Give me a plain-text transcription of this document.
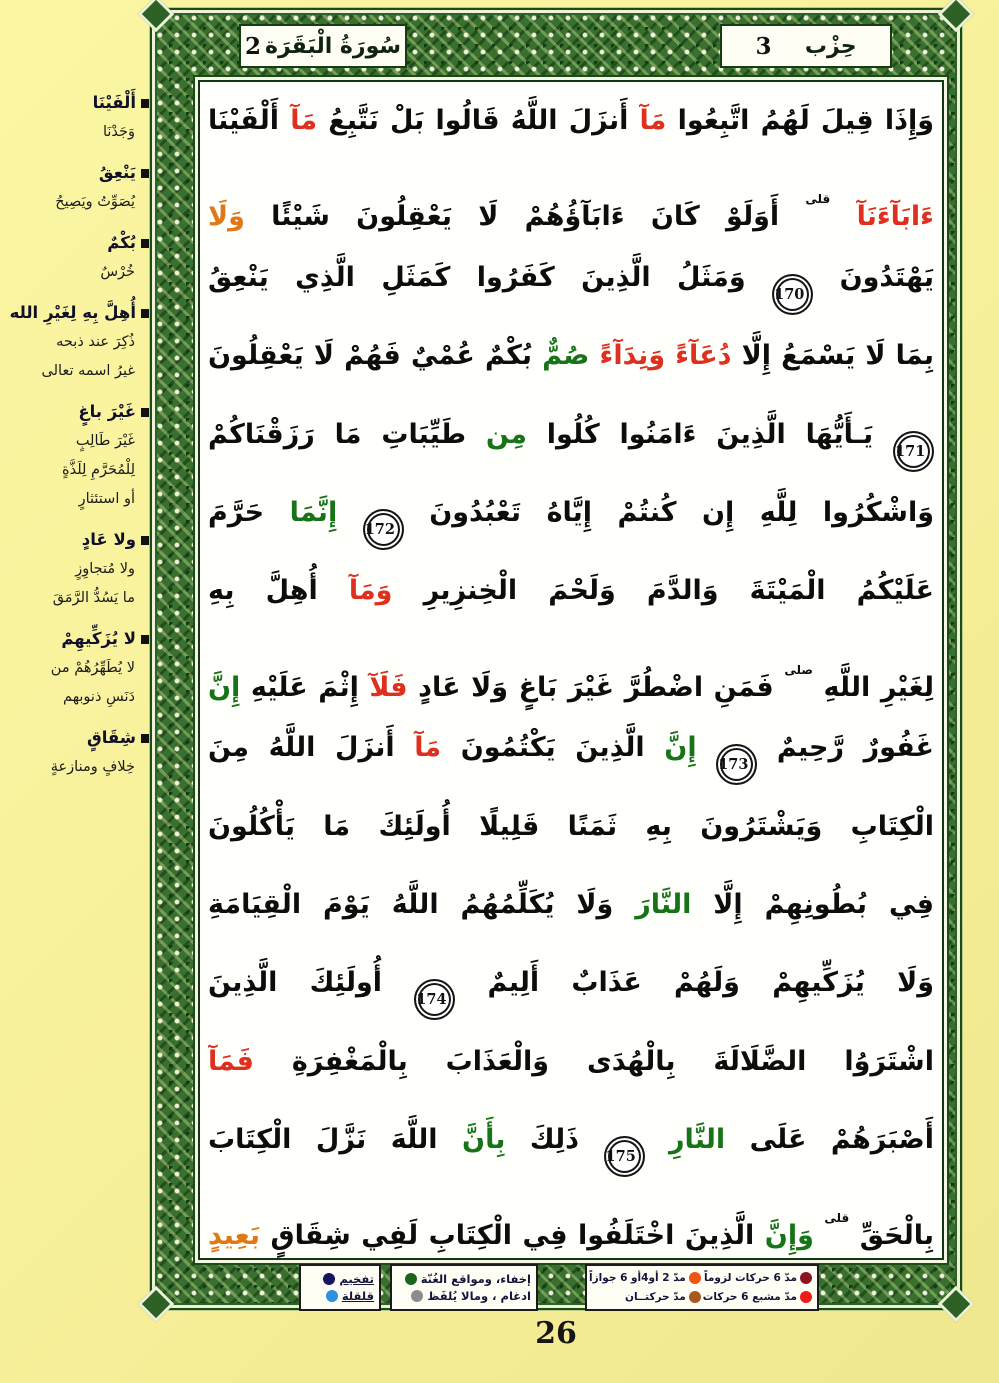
أَلْفَيْنَا
وَجَدْنَا
يَنْعِقُ
يُصَوِّتُ ويَصِيحُ
بُكْمٌ
خُرْسٌ
أُهِلَّ بِهِ لِغَيْرِ الله
ذُكِرَ عند ذبحه
غيرُ اسمه تعالى
غَيْرَ باغٍ
غَيْرَ طَالِبٍ
لِلْمُحَرَّمِ لِلَذَّةٍ
أو استئثارٍ
ولا عَادٍ
ولا مُتجاوِزٍ
ما يَسُدُّ الرَّمَقَ
لا يُزَكِّيهِمْ
لا يُطَهِّرُهُمْ من
دَنَسِ ذنوبهم
شِقَاقٍ
خِلافٍ ومنازعةٍ
سُورَةُ الْبَقَرَة
2	حِزْب
3
وَإِذَا قِيلَ لَهُمُ اتَّبِعُوا مَآ أَنزَلَ اللَّهُ قَالُوا بَلْ نَتَّبِعُ مَآ أَلْفَيْنَا
ءَابَآءَنَآ $^{قلى}$ أَوَلَوْ كَانَ ءَابَآؤُهُمْ لَا يَعْقِلُونَ شَيْئًا وَلَا
يَهْتَدُونَ 170 وَمَثَلُ الَّذِينَ كَفَرُوا كَمَثَلِ الَّذِي يَنْعِقُ
بِمَا لَا يَسْمَعُ إِلَّا دُعَآءً وَنِدَآءً صُمٌّ بُكْمٌ عُمْيٌ فَهُمْ لَا يَعْقِلُونَ
171 يَـأَيُّهَا الَّذِينَ ءَامَنُوا كُلُوا مِن طَيِّبَاتِ مَا رَزَقْنَاكُمْ
وَاشْكُرُوا لِلَّهِ إِن كُنتُمْ إِيَّاهُ تَعْبُدُونَ 172 إِنَّمَا حَرَّمَ
عَلَيْكُمُ الْمَيْتَةَ وَالدَّمَ وَلَحْمَ الْخِنزِيرِ وَمَآ أُهِلَّ بِهِ
لِغَيْرِ اللَّهِ $^{صلى}$ فَمَنِ اضْطُرَّ غَيْرَ بَاغٍ وَلَا عَادٍ فَلَآ إِثْمَ عَلَيْهِ إِنَّ
غَفُورٌ رَّحِيمٌ 173 إِنَّ الَّذِينَ يَكْتُمُونَ مَآ أَنزَلَ اللَّهُ مِنَ
الْكِتَابِ وَيَشْتَرُونَ بِهِ ثَمَنًا قَلِيلًا أُولَئِكَ مَا يَأْكُلُونَ
فِي بُطُونِهِمْ إِلَّا النَّارَ وَلَا يُكَلِّمُهُمُ اللَّهُ يَوْمَ الْقِيَامَةِ
وَلَا يُزَكِّيهِمْ وَلَهُمْ عَذَابٌ أَلِيمٌ 174 أُولَئِكَ الَّذِينَ
اشْتَرَوُا الضَّلَالَةَ بِالْهُدَى وَالْعَذَابَ بِالْمَغْفِرَةِ فَمَآ
أَصْبَرَهُمْ عَلَى النَّارِ 175 ذَلِكَ بِأَنَّ اللَّهَ نَزَّلَ الْكِتَابَ
بِالْحَقِّ $^{قلى}$ وَإِنَّ الَّذِينَ اخْتَلَفُوا فِي الْكِتَابِ لَفِي شِقَاقٍ بَعِيدٍ
تفخيم
قلقلة
إخفاء، ومواقع الغُنّة
ادغام ، ومالا يُلفَظ
مدّ 6 حركات لزوماً
مدّ 2 أو4أو 6 جوازاً
مدّ مشبع 6 حركات
مدّ حركتــان
26
